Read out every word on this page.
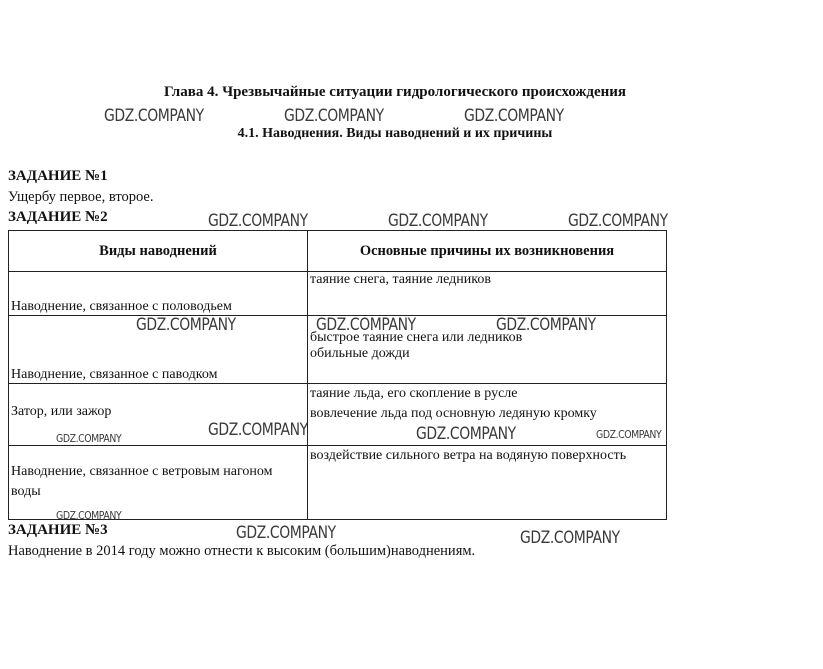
Глава 4. Чрезвычайные ситуации гидрологического происхождения
4.1. Наводнения. Виды наводнений и их причины
ЗАДАНИЕ №1
Ущербу первое, второе.
ЗАДАНИЕ №2
Виды наводнений	Основные причины их возникновения
Наводнение, связанное с половодьем	таяние снега, таяние ледников

Наводнение, связанное с паводком	быстрое таяние снега или ледников
обильные дожди

Затор, или зажор	таяние льда, его скопление в русле
вовлечение льда под основную ледяную кромку

Наводнение, связанное с ветровым нагоном воды	воздействие сильного ветра на водяную поверхность
ЗАДАНИЕ №3
Наводнение в 2014 году можно отнести к высоким (большим)наводнениям.
GDZ.COMPANY	GDZ.COMPANY	GDZ.COMPANY
GDZ.COMPANY	GDZ.COMPANY	GDZ.COMPANY
GDZ.COMPANY	GDZ.COMPANY	GDZ.COMPANY
GDZ.COMPANY	GDZ.COMPANY	GDZ.COMPANY	GDZ.COMPANY
GDZ.COMPANY
GDZ.COMPANY	GDZ.COMPANY
